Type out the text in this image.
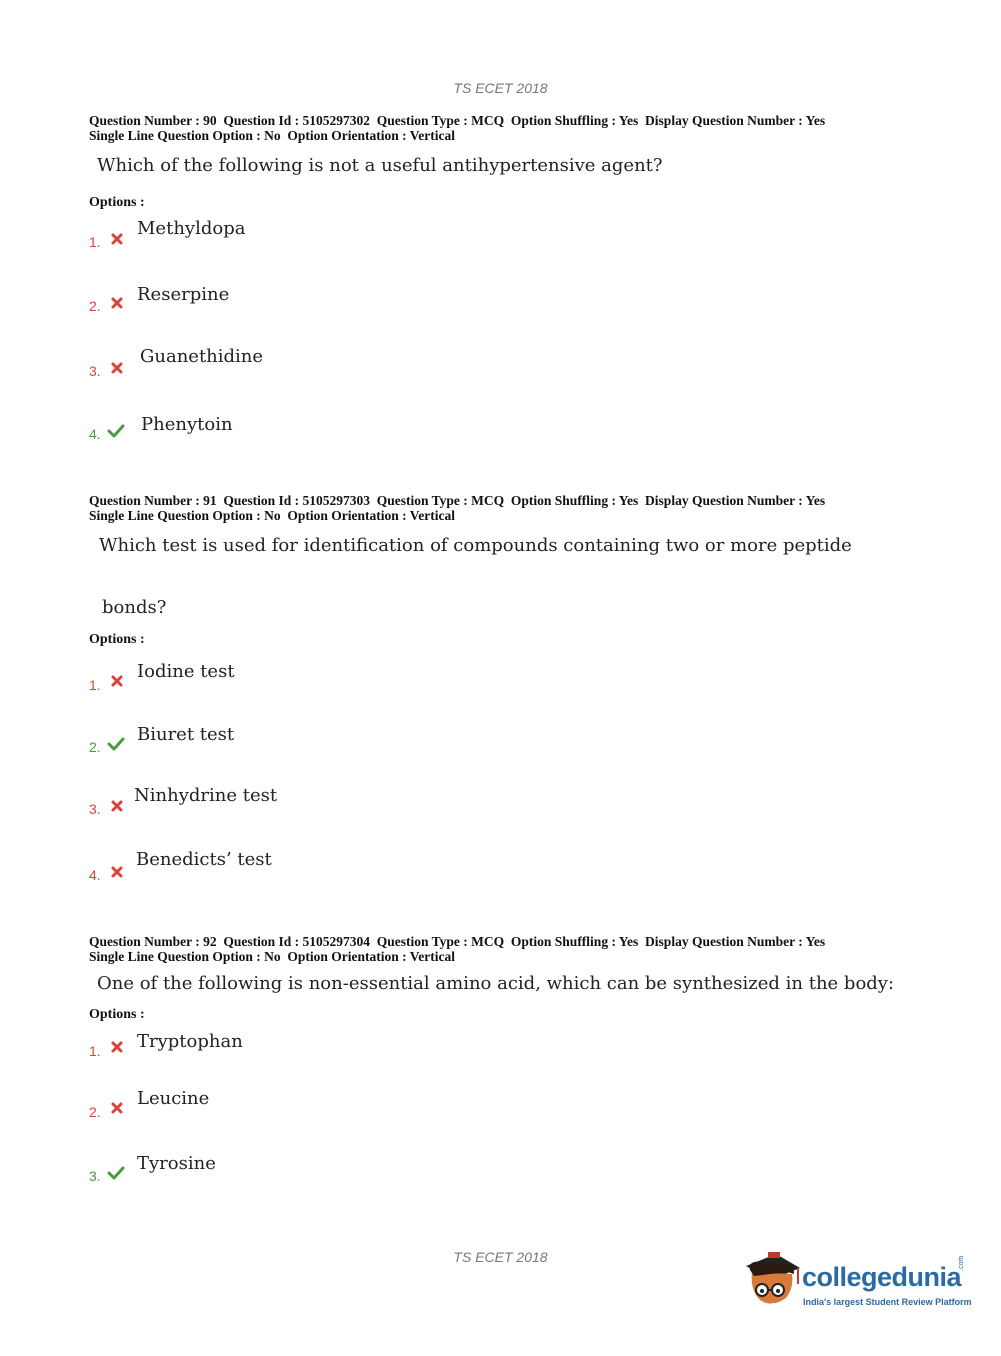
TS ECET 2018
Question Number : 90  Question Id : 5105297302  Question Type : MCQ  Option Shuffling : Yes  Display Question Number : Yes
Single Line Question Option : No  Option Orientation : Vertical
Which of the following is not a useful antihypertensive agent?
Options :
1.
Methyldopa
2.
Reserpine
3.
Guanethidine
4. Phenytoin
Question Number : 91  Question Id : 5105297303  Question Type : MCQ  Option Shuffling : Yes  Display Question Number : Yes
Single Line Question Option : No  Option Orientation : Vertical
Which test is used for identification of compounds containing two or more peptide
bonds?
Options :
1.
Iodine test
2.
Biuret test
3.
Ninhydrine test
4.
Benedicts’ test
Question Number : 92  Question Id : 5105297304  Question Type : MCQ  Option Shuffling : Yes  Display Question Number : Yes
Single Line Question Option : No  Option Orientation : Vertical
One of the following is non-essential amino acid, which can be synthesized in the body:
Options :
1. Tryptophan
2.
Leucine
3.
Tyrosine
TS ECET 2018
collegedunia
.com
India's largest Student Review Platform
